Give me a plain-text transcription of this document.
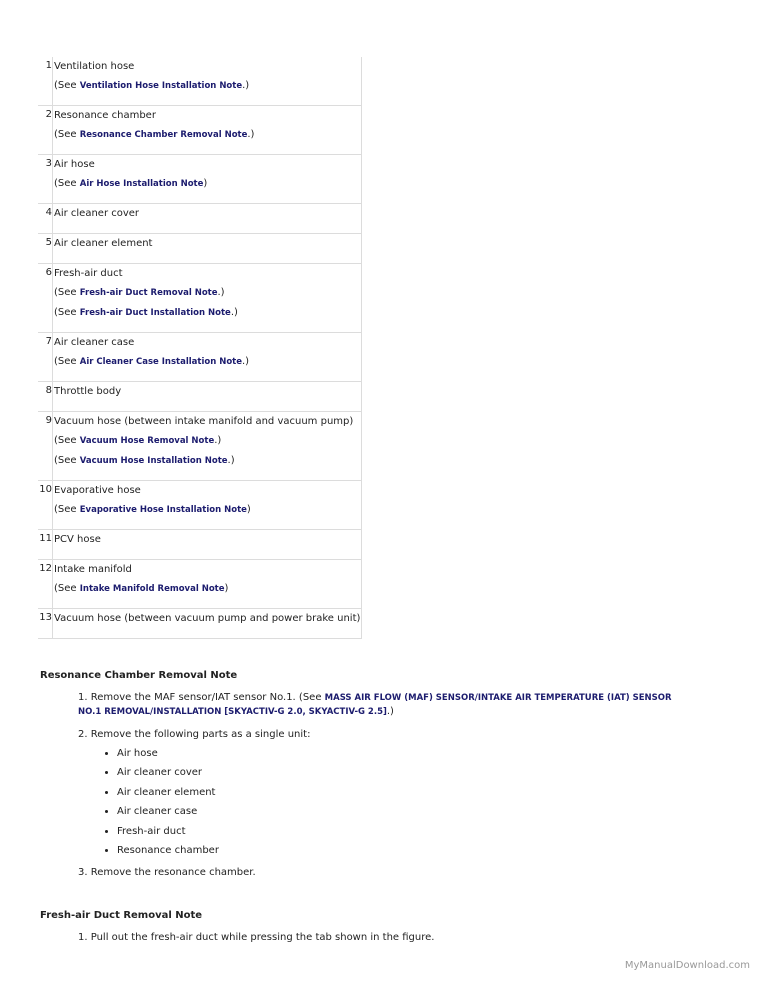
1	Ventilation hose
(See Ventilation Hose Installation Note.)

2	Resonance chamber
(See Resonance Chamber Removal Note.)

3	Air hose
(See Air Hose Installation Note)

4	Air cleaner cover

5	Air cleaner element

6	Fresh-air duct
(See Fresh-air Duct Removal Note.)
(See Fresh-air Duct Installation Note.)

7	Air cleaner case
(See Air Cleaner Case Installation Note.)

8	Throttle body

9	Vacuum hose (between intake manifold and vacuum pump)
(See Vacuum Hose Removal Note.)
(See Vacuum Hose Installation Note.)

10	Evaporative hose
(See Evaporative Hose Installation Note)

11	PCV hose

12	Intake manifold
(See Intake Manifold Removal Note)

13	Vacuum hose (between vacuum pump and power brake unit)
Resonance Chamber Removal Note
1. Remove the MAF sensor/IAT sensor No.1. (See MASS AIR FLOW (MAF) SENSOR/INTAKE AIR TEMPERATURE (IAT) SENSOR NO.1 REMOVAL/INSTALLATION [SKYACTIV-G 2.0, SKYACTIV-G 2.5].)
2. Remove the following parts as a single unit:
• Air hose
• Air cleaner cover
• Air cleaner element
• Air cleaner case
• Fresh-air duct
• Resonance chamber
3. Remove the resonance chamber.
Fresh-air Duct Removal Note
1. Pull out the fresh-air duct while pressing the tab shown in the figure.
MyManualDownload.com
